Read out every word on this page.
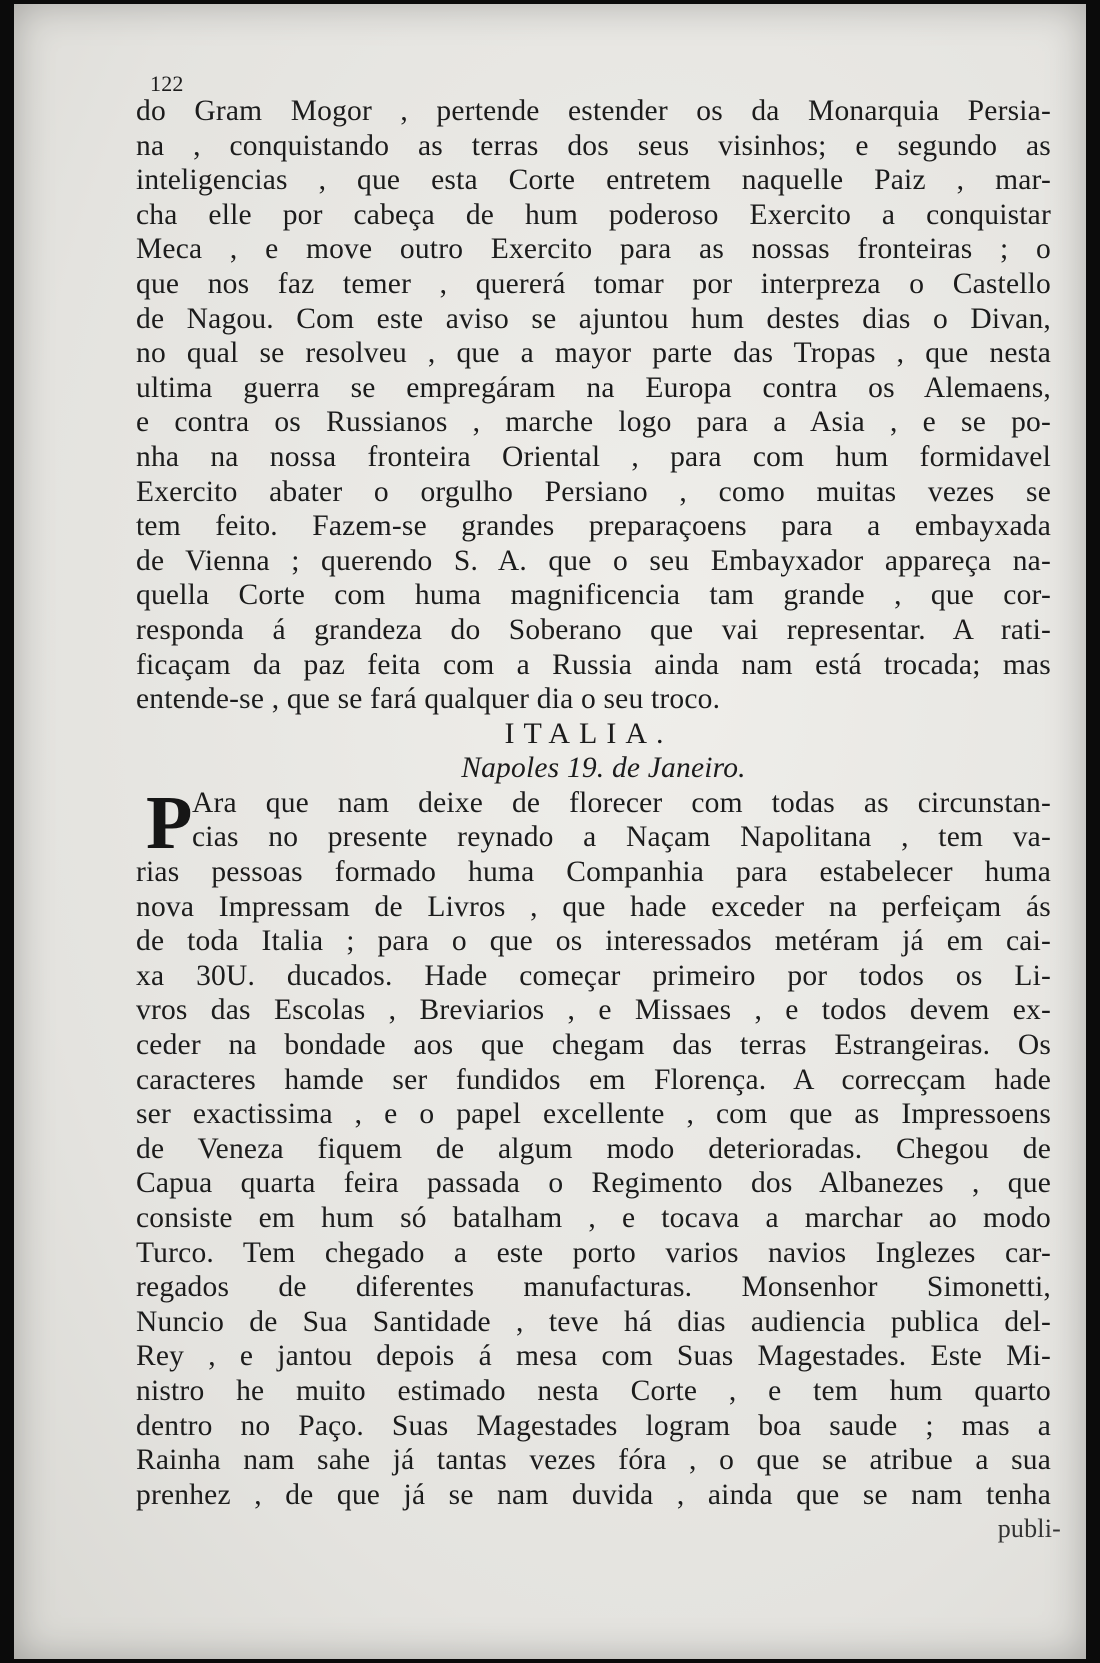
122
do Gram Mogor , pertende estender os da Monarquia Persia-
na , conquistando as terras dos seus visinhos; e segundo as
inteligencias , que esta Corte entretem naquelle Paiz , mar-
cha elle por cabeça de hum poderoso Exercito a conquistar
Meca , e move outro Exercito para as nossas fronteiras ; o
que nos faz temer , quererá tomar por interpreza o Castello
de Nagou. Com este aviso se ajuntou hum destes dias o Divan,
no qual se resolveu , que a mayor parte das Tropas , que nesta
ultima guerra se empregáram na Europa contra os Alemaens,
e contra os Russianos , marche logo para a Asia , e se po-
nha na nossa fronteira Oriental , para com hum formidavel
Exercito abater o orgulho Persiano , como muitas vezes se
tem feito. Fazem-se grandes preparaçoens para a embayxada
de Vienna ; querendo S. A. que o seu Embayxador appareça na-
quella Corte com huma magnificencia tam grande , que cor-
responda á grandeza do Soberano que vai representar. A rati-
ficaçam da paz feita com a Russia ainda nam está trocada; mas
entende-se , que se fará qualquer dia o seu troco.
ITALIA.
Napoles 19. de Janeiro.
P Ara que nam deixe de florecer com todas as circunstan-
cias no presente reynado a Naçam Napolitana , tem va-
rias pessoas formado huma Companhia para estabelecer huma
nova Impressam de Livros , que hade exceder na perfeiçam ás
de toda Italia ; para o que os interessados metéram já em cai-
xa 30U. ducados. Hade começar primeiro por todos os Li-
vros das Escolas , Breviarios , e Missaes , e todos devem ex-
ceder na bondade aos que chegam das terras Estrangeiras. Os
caracteres hamde ser fundidos em Florença. A correcçam hade
ser exactissima , e o papel excellente , com que as Impressoens
de Veneza fiquem de algum modo deterioradas. Chegou de
Capua quarta feira passada o Regimento dos Albanezes , que
consiste em hum só batalham , e tocava a marchar ao modo
Turco. Tem chegado a este porto varios navios Inglezes car-
regados de diferentes manufacturas. Monsenhor Simonetti,
Nuncio de Sua Santidade , teve há dias audiencia publica del-
Rey , e jantou depois á mesa com Suas Magestades. Este Mi-
nistro he muito estimado nesta Corte , e tem hum quarto
dentro no Paço. Suas Magestades logram boa saude ; mas a
Rainha nam sahe já tantas vezes fóra , o que se atribue a sua
prenhez , de que já se nam duvida , ainda que se nam tenha
publi-
